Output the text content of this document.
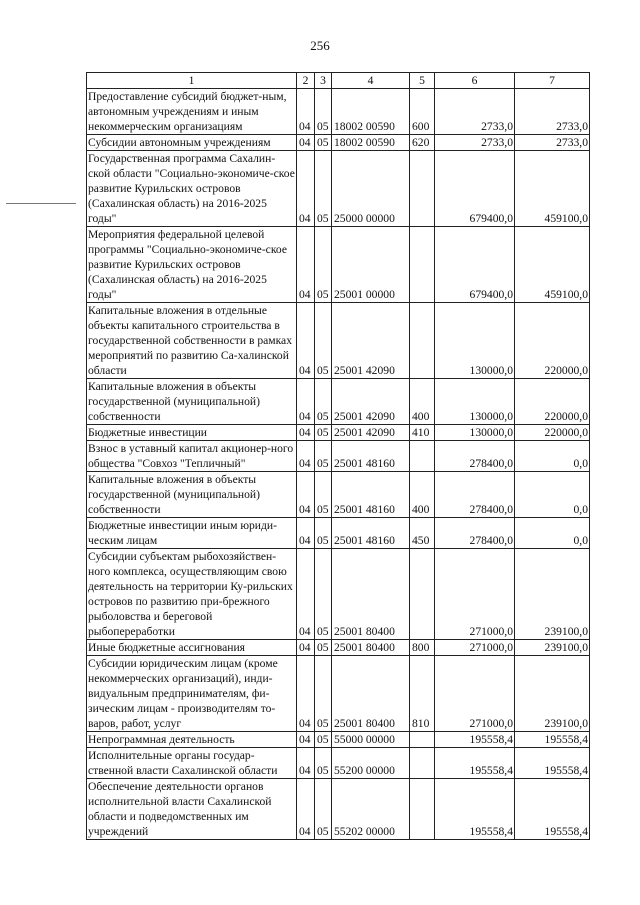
256
1	2	3	4	5	6	7
Предоставление субсидий бюджет-ным, автономным учреждениям и иным некоммерческим организациям	04	05	18002 00590	600	2733,0	2733,0
Субсидии автономным учреждениям	04	05	18002 00590	620	2733,0	2733,0
Государственная программа Сахалин-ской области "Социально-экономиче-ское развитие Курильских островов (Сахалинская область) на 2016-2025 годы"	04	05	25000 00000		679400,0	459100,0
Мероприятия федеральной целевой программы "Социально-экономиче-ское развитие Курильских островов (Сахалинская область) на 2016-2025 годы"	04	05	25001 00000		679400,0	459100,0
Капитальные вложения в отдельные объекты капитального строительства в государственной собственности в рамках мероприятий по развитию Са-халинской области	04	05	25001 42090		130000,0	220000,0
Капитальные вложения в объекты государственной (муниципальной) собственности	04	05	25001 42090	400	130000,0	220000,0
Бюджетные инвестиции	04	05	25001 42090	410	130000,0	220000,0
Взнос в уставный капитал акционер-ного общества "Совхоз "Тепличный"	04	05	25001 48160		278400,0	0,0
Капитальные вложения в объекты государственной (муниципальной) собственности	04	05	25001 48160	400	278400,0	0,0
Бюджетные инвестиции иным юриди-ческим лицам	04	05	25001 48160	450	278400,0	0,0
Субсидии субъектам рыбохозяйствен-ного комплекса, осуществляющим свою деятельность на территории Ку-рильских островов по развитию при-брежного рыболовства и береговой рыбопереработки	04	05	25001 80400		271000,0	239100,0
Иные бюджетные ассигнования	04	05	25001 80400	800	271000,0	239100,0
Субсидии юридическим лицам (кроме некоммерческих организаций), инди-видуальным предпринимателям, фи-зическим лицам - производителям то-варов, работ, услуг	04	05	25001 80400	810	271000,0	239100,0
Непрограммная деятельность	04	05	55000 00000		195558,4	195558,4
Исполнительные органы государ-ственной власти Сахалинской области	04	05	55200 00000		195558,4	195558,4
Обеспечение деятельности органов исполнительной власти Сахалинской области и подведомственных им учреждений	04	05	55202 00000		195558,4	195558,4
